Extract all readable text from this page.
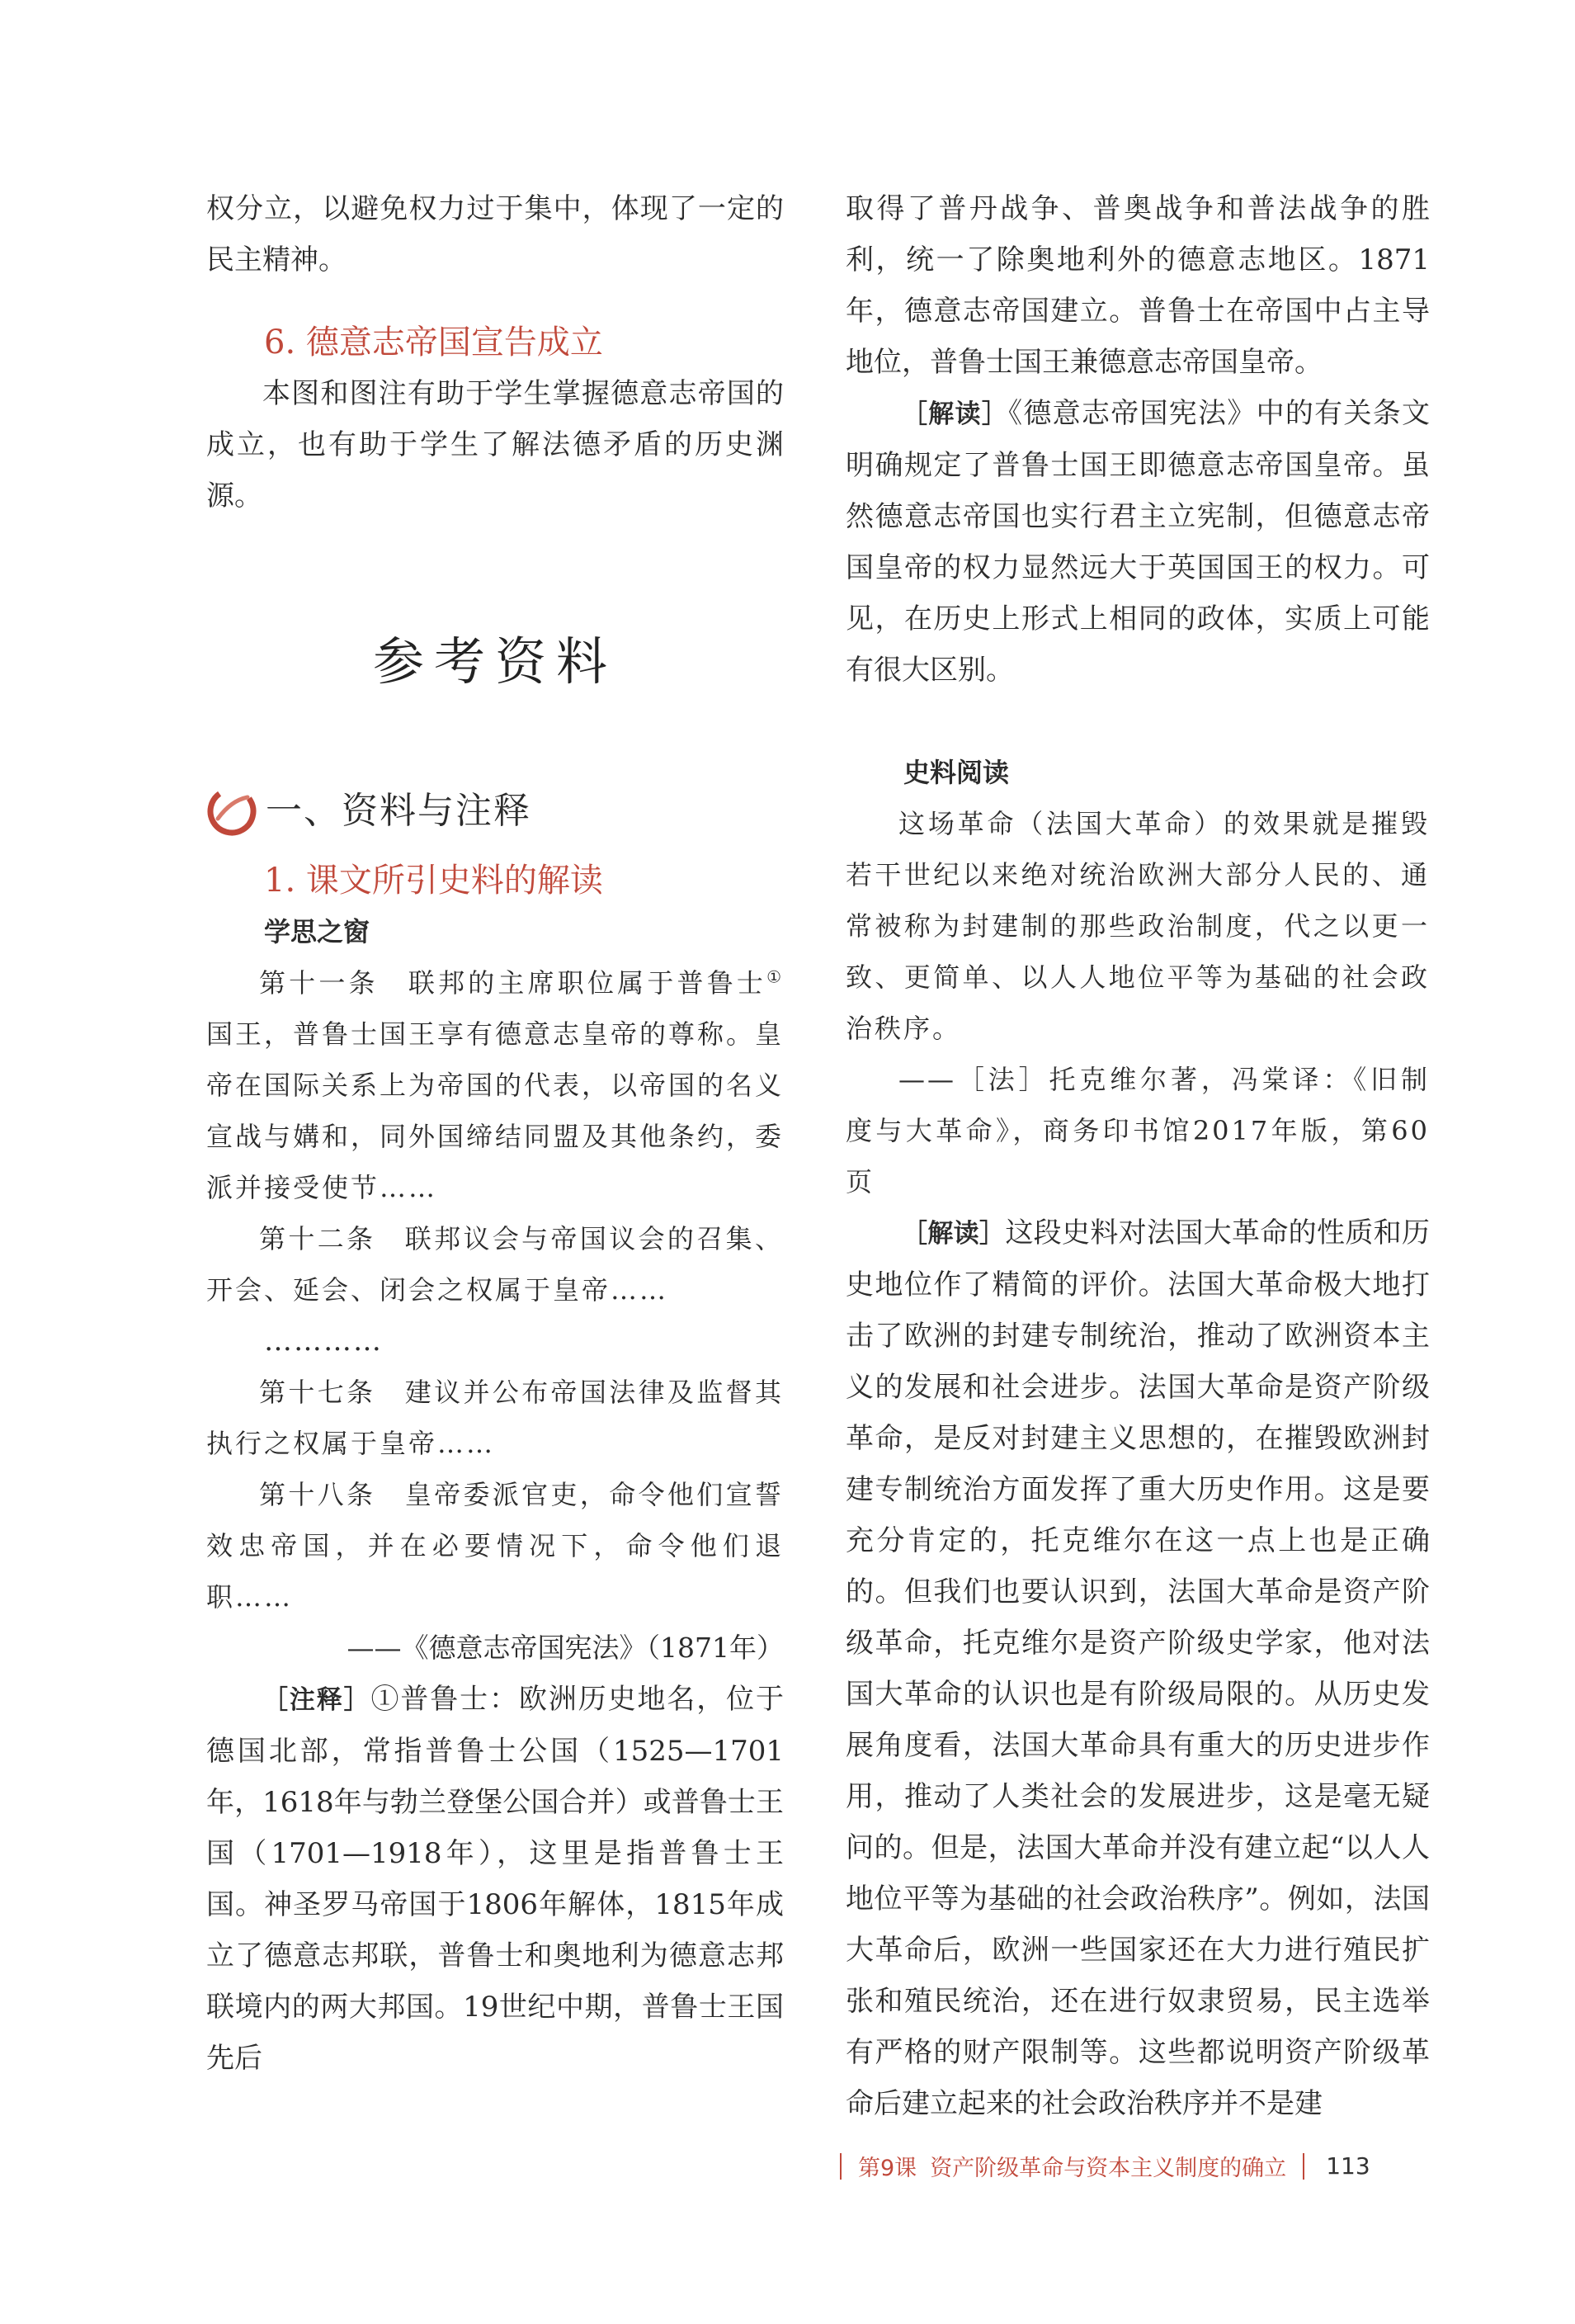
权分立，以避免权力过于集中，体现了一定的民主精神。

6. 德意志帝国宣告成立

本图和图注有助于学生掌握德意志帝国的成立，也有助于学生了解法德矛盾的历史渊源。

参考资料
一、资料与注释
1. 课文所引史料的解读
学思之窗

第十一条　联邦的主席职位属于普鲁士①国王，普鲁士国王享有德意志皇帝的尊称。皇帝在国际关系上为帝国的代表，以帝国的名义宣战与媾和，同外国缔结同盟及其他条约，委派并接受使节……

第十二条　联邦议会与帝国议会的召集、开会、延会、闭会之权属于皇帝……

…………

第十七条　建议并公布帝国法律及监督其执行之权属于皇帝……

第十八条　皇帝委派官吏，命令他们宣誓效忠帝国，并在必要情况下，命令他们退职……

——《德意志帝国宪法》（1871年）

［注释］①普鲁士：欧洲历史地名，位于德国北部，常指普鲁士公国（1525—1701年，1618年与勃兰登堡公国合并）或普鲁士王国（1701—1918年），这里是指普鲁士王国。神圣罗马帝国于1806年解体，1815年成立了德意志邦联，普鲁士和奥地利为德意志邦联境内的两大邦国。19世纪中期，普鲁士王国先后

取得了普丹战争、普奥战争和普法战争的胜利，统一了除奥地利外的德意志地区。1871年，德意志帝国建立。普鲁士在帝国中占主导地位，普鲁士国王兼德意志帝国皇帝。

［解读］《德意志帝国宪法》中的有关条文明确规定了普鲁士国王即德意志帝国皇帝。虽然德意志帝国也实行君主立宪制，但德意志帝国皇帝的权力显然远大于英国国王的权力。可见，在历史上形式上相同的政体，实质上可能有很大区别。

史料阅读

这场革命（法国大革命）的效果就是摧毁若干世纪以来绝对统治欧洲大部分人民的、通常被称为封建制的那些政治制度，代之以更一致、更简单、以人人地位平等为基础的社会政治秩序。

——［法］托克维尔著，冯棠译：《旧制度与大革命》，商务印书馆2017年版，第60页

［解读］这段史料对法国大革命的性质和历史地位作了精简的评价。法国大革命极大地打击了欧洲的封建专制统治，推动了欧洲资本主义的发展和社会进步。法国大革命是资产阶级革命，是反对封建主义思想的，在摧毁欧洲封建专制统治方面发挥了重大历史作用。这是要充分肯定的，托克维尔在这一点上也是正确的。但我们也要认识到，法国大革命是资产阶级革命，托克维尔是资产阶级史学家，他对法国大革命的认识也是有阶级局限的。从历史发展角度看，法国大革命具有重大的历史进步作用，推动了人类社会的发展进步，这是毫无疑问的。但是，法国大革命并没有建立起“以人人地位平等为基础的社会政治秩序”。例如，法国大革命后，欧洲一些国家还在大力进行殖民扩张和殖民统治，还在进行奴隶贸易，民主选举有严格的财产限制等。这些都说明资产阶级革命后建立起来的社会政治秩序并不是建

第9课 资产阶级革命与资本主义制度的确立 113
